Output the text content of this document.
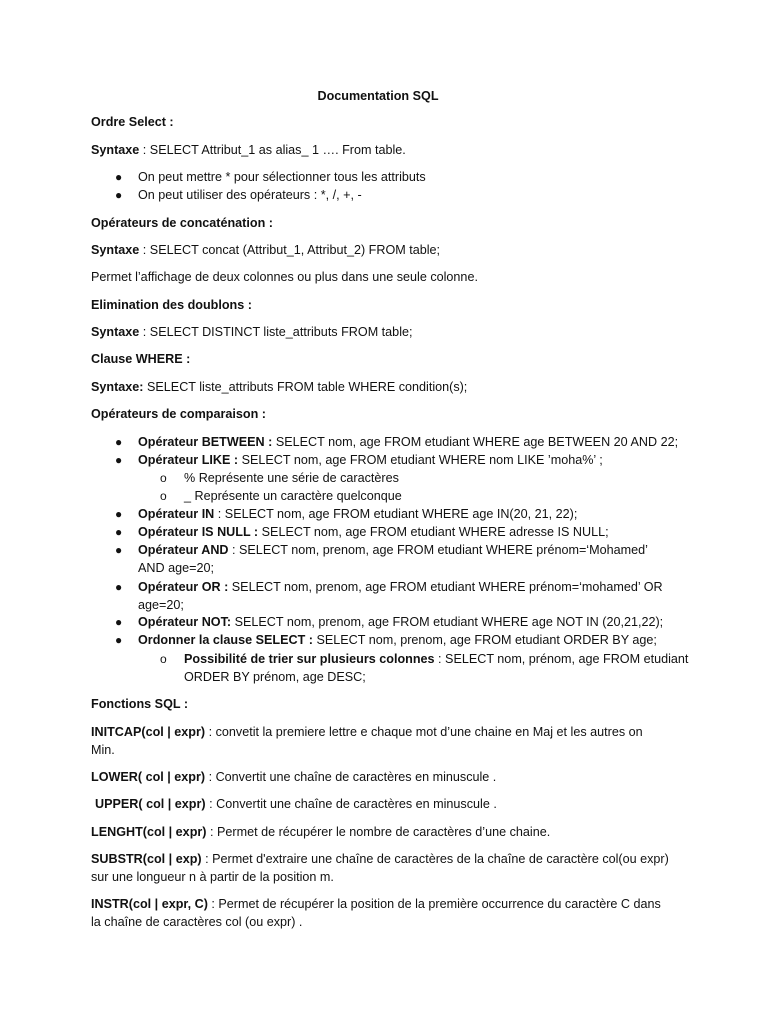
Documentation SQL
Ordre Select :
Syntaxe : SELECT Attribut_1 as alias_ 1 …. From table.
● On peut mettre * pour sélectionner tous les attributs
● On peut utiliser des opérateurs : *, /, +, -
Opérateurs de concaténation :
Syntaxe : SELECT concat (Attribut_1, Attribut_2) FROM table;
Permet l’affichage de deux colonnes ou plus dans une seule colonne.
Elimination des doublons :
Syntaxe : SELECT DISTINCT liste_attributs FROM table;
Clause WHERE :
Syntaxe: SELECT liste_attributs FROM table WHERE condition(s);
Opérateurs de comparaison :
● Opérateur BETWEEN : SELECT nom, age FROM etudiant WHERE age BETWEEN 20 AND 22;
● Opérateur LIKE : SELECT nom, age FROM etudiant WHERE nom LIKE ’moha%’ ;
o % Représente une série de caractères
o _ Représente un caractère quelconque
● Opérateur IN : SELECT nom, age FROM etudiant WHERE age IN(20, 21, 22);
● Opérateur IS NULL : SELECT nom, age FROM etudiant WHERE adresse IS NULL;
● Opérateur AND : SELECT nom, prenom, age FROM etudiant WHERE prénom=‘Mohamed’
AND age=20;
● Opérateur OR : SELECT nom, prenom, age FROM etudiant WHERE prénom=‘mohamed’ OR
age=20;
● Opérateur NOT: SELECT nom, prenom, age FROM etudiant WHERE age NOT IN (20,21,22);
● Ordonner la clause SELECT : SELECT nom, prenom, age FROM etudiant ORDER BY age;
o Possibilité de trier sur plusieurs colonnes : SELECT nom, prénom, age FROM etudiant
ORDER BY prénom, age DESC;
Fonctions SQL :
INITCAP(col | expr) : convetit la premiere lettre e chaque mot d’une chaine en Maj et les autres on
Min.
LOWER( col | expr) : Convertit une chaîne de caractères en minuscule .
UPPER( col | expr) : Convertit une chaîne de caractères en minuscule .
LENGHT(col | expr) : Permet de récupérer le nombre de caractères d’une chaine.
SUBSTR(col | exp) : Permet d'extraire une chaîne de caractères de la chaîne de caractère col(ou expr)
sur une longueur n à partir de la position m.
INSTR(col | expr, C) : Permet de récupérer la position de la première occurrence du caractère C dans
la chaîne de caractères col (ou expr) .
